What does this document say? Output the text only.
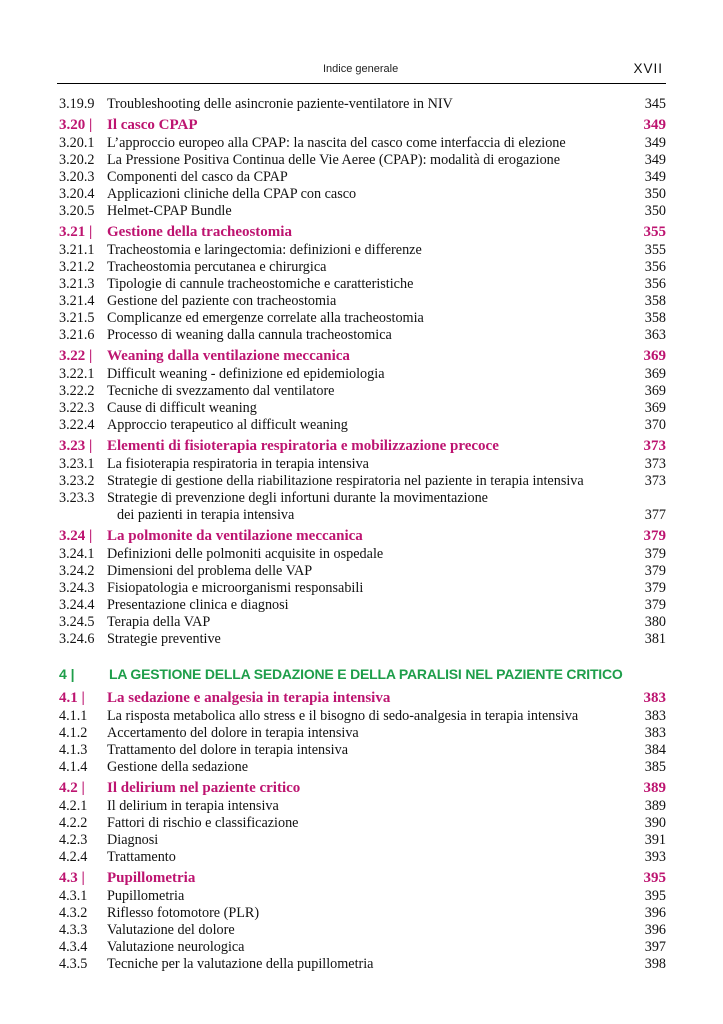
Indice generale	XVII
3.19.9 Troubleshooting delle asincronie paziente-ventilatore in NIV	345
3.20 | Il casco CPAP	349
3.20.1 L’approccio europeo alla CPAP: la nascita del casco come interfaccia di elezione	349
3.20.2 La Pressione Positiva Continua delle Vie Aeree (CPAP): modalità di erogazione	349
3.20.3 Componenti del casco da CPAP	349
3.20.4 Applicazioni cliniche della CPAP con casco	350
3.20.5 Helmet-CPAP Bundle	350
3.21 | Gestione della tracheostomia	355
3.21.1 Tracheostomia e laringectomia: definizioni e differenze	355
3.21.2 Tracheostomia percutanea e chirurgica	356
3.21.3 Tipologie di cannule tracheostomiche e caratteristiche	356
3.21.4 Gestione del paziente con tracheostomia	358
3.21.5 Complicanze ed emergenze correlate alla tracheostomia	358
3.21.6 Processo di weaning dalla cannula tracheostomica	363
3.22 | Weaning dalla ventilazione meccanica	369
3.22.1 Difficult weaning - definizione ed epidemiologia	369
3.22.2 Tecniche di svezzamento dal ventilatore	369
3.22.3 Cause di difficult weaning	369
3.22.4 Approccio terapeutico al difficult weaning	370
3.23 | Elementi di fisioterapia respiratoria e mobilizzazione precoce	373
3.23.1 La fisioterapia respiratoria in terapia intensiva	373
3.23.2 Strategie di gestione della riabilitazione respiratoria nel paziente in terapia intensiva	373
3.23.3 Strategie di prevenzione degli infortuni durante la movimentazione
dei pazienti in terapia intensiva	377
3.24 | La polmonite da ventilazione meccanica	379
3.24.1 Definizioni delle polmoniti acquisite in ospedale	379
3.24.2 Dimensioni del problema delle VAP	379
3.24.3 Fisiopatologia e microorganismi responsabili	379
3.24.4 Presentazione clinica e diagnosi	379
3.24.5 Terapia della VAP	380
3.24.6 Strategie preventive	381
4 | LA GESTIONE DELLA SEDAZIONE E DELLA PARALISI NEL PAZIENTE CRITICO
4.1 | La sedazione e analgesia in terapia intensiva	383
4.1.1 La risposta metabolica allo stress e il bisogno di sedo-analgesia in terapia intensiva	383
4.1.2 Accertamento del dolore in terapia intensiva	383
4.1.3 Trattamento del dolore in terapia intensiva	384
4.1.4 Gestione della sedazione	385
4.2 | Il delirium nel paziente critico	389
4.2.1 Il delirium in terapia intensiva	389
4.2.2 Fattori di rischio e classificazione	390
4.2.3 Diagnosi	391
4.2.4 Trattamento	393
4.3 | Pupillometria	395
4.3.1 Pupillometria	395
4.3.2 Riflesso fotomotore (PLR)	396
4.3.3 Valutazione del dolore	396
4.3.4 Valutazione neurologica	397
4.3.5 Tecniche per la valutazione della pupillometria	398
